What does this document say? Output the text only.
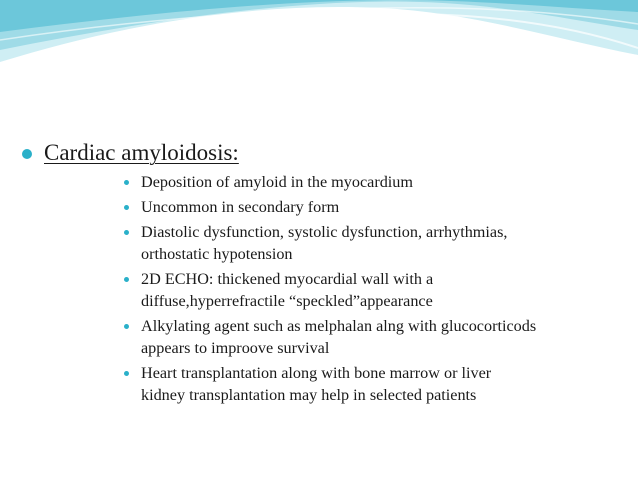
Cardiac amyloidosis:
Deposition of amyloid in the myocardium
Uncommon in secondary form
Diastolic dysfunction, systolic dysfunction, arrhythmias,
orthostatic hypotension
2D ECHO: thickened myocardial wall with a
diffuse,hyperrefractile “speckled”appearance
Alkylating agent such as melphalan alng with glucocorticods
appears to improove survival
Heart transplantation along with bone marrow or liver
kidney transplantation may help in selected patients
